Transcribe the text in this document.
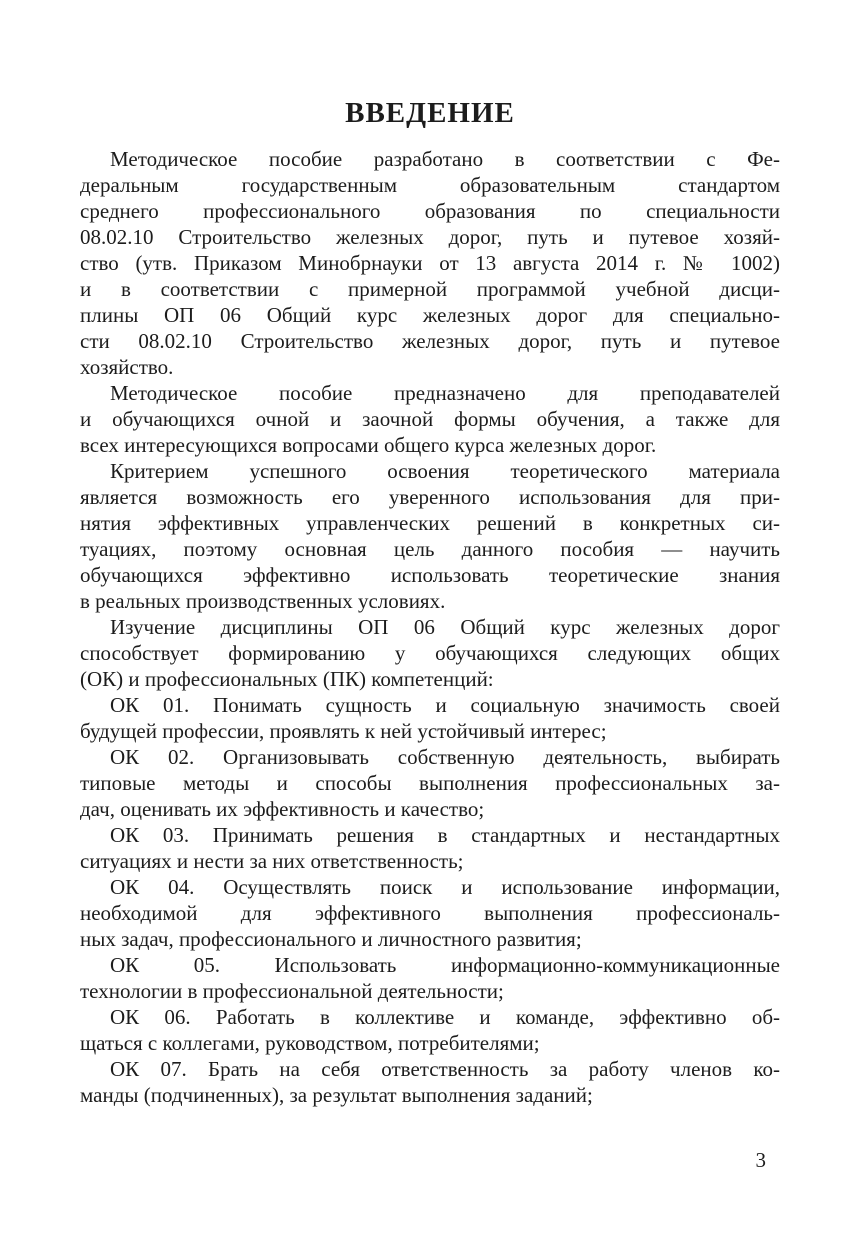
ВВЕДЕНИЕ
Методическое пособие разработано в соответствии с Фе-
деральным государственным образовательным стандартом
среднего профессионального образования по специальности
08.02.10 Строительство железных дорог, путь и путевое хозяй-
ство (утв. Приказом Минобрнауки от 13 августа 2014 г. № 1002)
и в соответствии с примерной программой учебной дисци-
плины ОП 06 Общий курс железных дорог для специально-
сти 08.02.10 Строительство железных дорог, путь и путевое
хозяйство.
Методическое пособие предназначено для преподавателей
и обучающихся очной и заочной формы обучения, а также для
всех интересующихся вопросами общего курса железных дорог.
Критерием успешного освоения теоретического материала
является возможность его уверенного использования для при-
нятия эффективных управленческих решений в конкретных си-
туациях, поэтому основная цель данного пособия — научить
обучающихся эффективно использовать теоретические знания
в реальных производственных условиях.
Изучение дисциплины ОП 06 Общий курс железных дорог
способствует формированию у обучающихся следующих общих
(ОК) и профессиональных (ПК) компетенций:
ОК 01. Понимать сущность и социальную значимость своей
будущей профессии, проявлять к ней устойчивый интерес;
ОК 02. Организовывать собственную деятельность, выбирать
типовые методы и способы выполнения профессиональных за-
дач, оценивать их эффективность и качество;
ОК 03. Принимать решения в стандартных и нестандартных
ситуациях и нести за них ответственность;
ОК 04. Осуществлять поиск и использование информации,
необходимой для эффективного выполнения профессиональ-
ных задач, профессионального и личностного развития;
ОК 05. Использовать информационно-коммуникационные
технологии в профессиональной деятельности;
ОК 06. Работать в коллективе и команде, эффективно об-
щаться с коллегами, руководством, потребителями;
ОК 07. Брать на себя ответственность за работу членов ко-
манды (подчиненных), за результат выполнения заданий;
3
